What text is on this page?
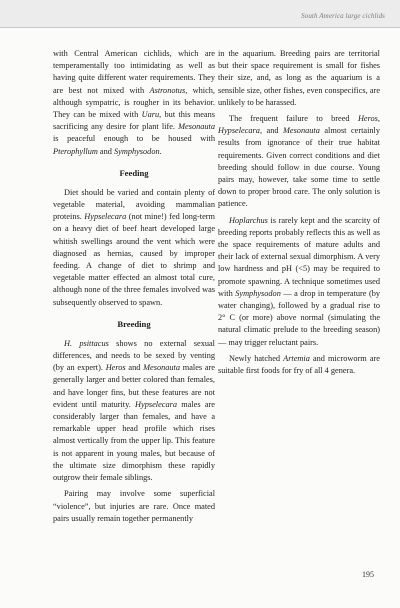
South America large cichlids

with Central American cichlids, which are temperamentally too intimidating as well as having quite different water requirements. They are best not mixed with Astronotus, which, although sympatric, is rougher in its behavior. They can be mixed with Uaru, but this means sacrificing any desire for plant life. Mesonauta is peaceful enough to be housed with Pterophyllum and Symphysodon.

Feeding

Diet should be varied and contain plenty of vegetable material, avoiding mammalian proteins. Hypselecara (not mine!) fed long-term on a heavy diet of beef heart developed large whitish swellings around the vent which were diagnosed as hernias, caused by improper feeding. A change of diet to shrimp and vegetable matter effected an almost total cure, although none of the three females involved was subsequently observed to spawn.

Breeding

H. psittacus shows no external sexual differences, and needs to be sexed by venting (by an expert). Heros and Mesonauta males are generally larger and better colored than females, and have longer fins, but these features are not evident until maturity. Hypselecara males are considerably larger than females, and have a remarkable upper head profile which rises almost vertically from the upper lip. This feature is not apparent in young males, but because of the ultimate size dimorphism these rapidly outgrow their female siblings.

Pairing may involve some superficial “violence”, but injuries are rare. Once mated pairs usually remain together permanently

in the aquarium. Breeding pairs are territorial but their space requirement is small for fishes their size, and, as long as the aquarium is a sensible size, other fishes, even conspecifics, are unlikely to be harassed.

The frequent failure to breed Heros, Hypselecara, and Mesonauta almost certainly results from ignorance of their true habitat requirements. Given correct conditions and diet breeding should follow in due course. Young pairs may, however, take some time to settle down to proper brood care. The only solution is patience.

Hoplarchus is rarely kept and the scarcity of breeding reports probably reflects this as well as the space requirements of mature adults and their lack of external sexual dimorphism. A very low hardness and pH (<5) may be required to promote spawning. A technique sometimes used with Symphysodon — a drop in temperature (by water changing), followed by a gradual rise to 2° C (or more) above normal (simulating the natural climatic prelude to the breeding season) — may trigger reluctant pairs.

Newly hatched Artemia and microworm are suitable first foods for fry of all 4 genera.

195
